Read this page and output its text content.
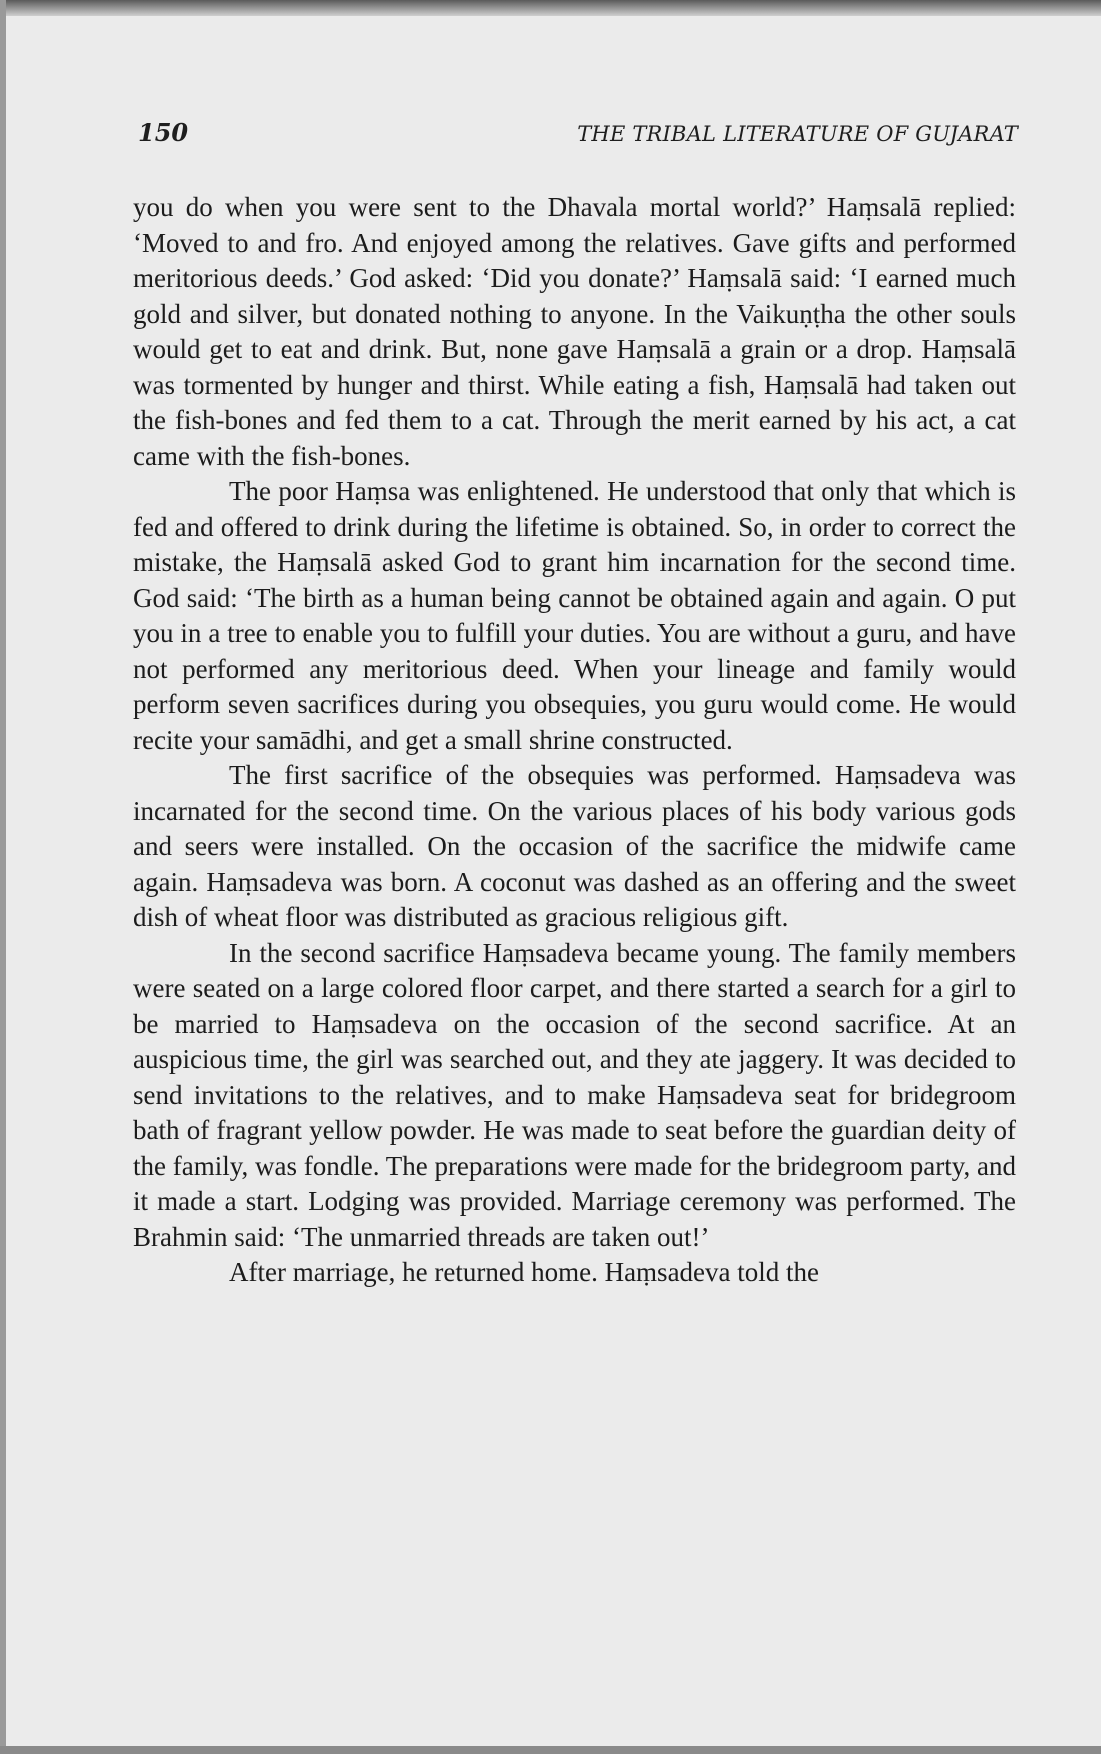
150	THE TRIBAL LITERATURE OF GUJARAT

you do when you were sent to the Dhavala mortal world?’ Haṃsalā replied: ‘Moved to and fro. And enjoyed among the relatives. Gave gifts and performed meritorious deeds.’ God asked: ‘Did you donate?’ Haṃsalā said: ‘I earned much gold and silver, but donated nothing to anyone. In the Vaikuṇṭha the other souls would get to eat and drink. But, none gave Haṃsalā a grain or a drop. Haṃsalā was tormented by hunger and thirst. While eating a fish, Haṃsalā had taken out the fish-bones and fed them to a cat. Through the merit earned by his act, a cat came with the fish-bones.

The poor Haṃsa was enlightened. He understood that only that which is fed and offered to drink during the lifetime is obtained. So, in order to correct the mistake, the Haṃsalā asked God to grant him incarnation for the second time. God said: ‘The birth as a human being cannot be obtained again and again. O put you in a tree to enable you to fulfill your duties. You are without a guru, and have not performed any meritorious deed. When your lineage and family would perform seven sacrifices during you obsequies, you guru would come. He would recite your samādhi, and get a small shrine constructed.

The first sacrifice of the obsequies was performed. Haṃsadeva was incarnated for the second time. On the various places of his body various gods and seers were installed. On the occasion of the sacrifice the midwife came again. Haṃsadeva was born. A coconut was dashed as an offering and the sweet dish of wheat floor was distributed as gracious religious gift.

In the second sacrifice Haṃsadeva became young. The family members were seated on a large colored floor carpet, and there started a search for a girl to be married to Haṃsadeva on the occasion of the second sacrifice. At an auspicious time, the girl was searched out, and they ate jaggery. It was decided to send invitations to the relatives, and to make Haṃsadeva seat for bridegroom bath of fragrant yellow powder. He was made to seat before the guardian deity of the family, was fondle. The preparations were made for the bridegroom party, and it made a start. Lodging was provided. Marriage ceremony was performed. The Brahmin said: ‘The unmarried threads are taken out!’

After marriage, he returned home. Haṃsadeva told the
